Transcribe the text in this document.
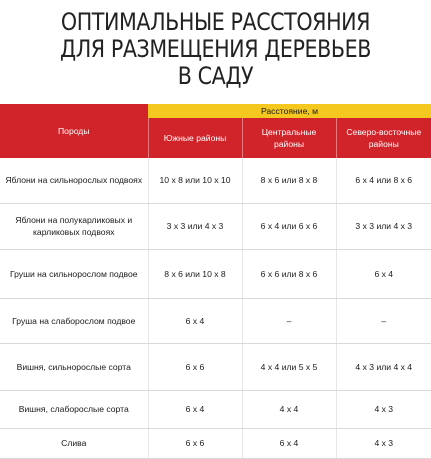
ОПТИМАЛЬНЫЕ РАССТОЯНИЯ
ДЛЯ РАЗМЕЩЕНИЯ ДЕРЕВЬЕВ
В САДУ
Породы	Расстояние, м		
	Южные районы	Центральные районы	Северо-восточные районы
Яблони на сильнорослых подвоях	10 х 8 или 10 х 10	8 х 6 или 8 х 8	6 х 4 или 8 х 6
Яблони на полукарликовых и карликовых подвоях	3 х 3 или 4 х 3	6 х 4 или 6 х 6	3 х 3 или 4 х 3
Груши на сильнорослом подвое	8 х 6 или 10 х 8	6 х 6 или 8 х 6	6 х 4
Груша на слаборослом подвое	6 х 4	–	–
Вишня, сильнорослые сорта	6 х 6	4 х 4 или 5 х 5	4 х 3 или 4 х 4
Вишня, слаборослые сорта	6 х 4	4 х 4	4 х 3
Слива	6 х 6	6 х 4	4 х 3
